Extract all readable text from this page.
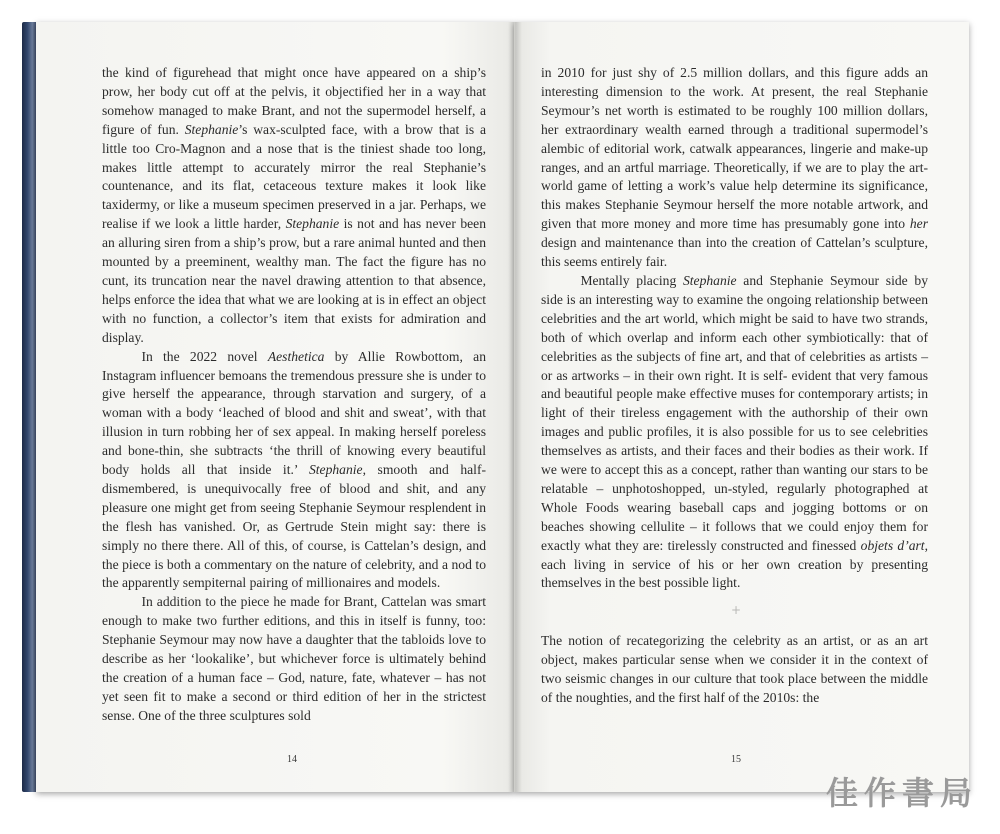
the kind of figurehead that might once have appeared on a ship’s prow, her body cut off at the pelvis, it objectified her in a way that somehow managed to make Brant, and not the supermodel herself, a figure of fun. Stephanie’s wax-sculpted face, with a brow that is a little too Cro-Magnon and a nose that is the tiniest shade too long, makes little attempt to accurately mirror the real Stephanie’s countenance, and its flat, cetaceous texture makes it look like taxidermy, or like a museum specimen preserved in a jar. Perhaps, we realise if we look a little harder, Stephanie is not and has never been an alluring siren from a ship’s prow, but a rare animal hunted and then mounted by a preeminent, wealthy man. The fact the figure has no cunt, its truncation near the navel drawing attention to that absence, helps enforce the idea that what we are looking at is in effect an object with no function, a collector’s item that exists for admiration and display.

In the 2022 novel Aesthetica by Allie Rowbottom, an Instagram influencer bemoans the tremendous pressure she is under to give herself the appearance, through starvation and surgery, of a woman with a body ‘leached of blood and shit and sweat’, with that illusion in turn robbing her of sex appeal. In making herself poreless and bone-thin, she subtracts ‘the thrill of knowing every beautiful body holds all that inside it.’ Stephanie, smooth and half-dismembered, is unequivocally free of blood and shit, and any pleasure one might get from seeing Stephanie Seymour resplendent in the flesh has vanished. Or, as Gertrude Stein might say: there is simply no there there. All of this, of course, is Cattelan’s design, and the piece is both a commentary on the nature of celebrity, and a nod to the apparently sempiternal pairing of millionaires and models.

In addition to the piece he made for Brant, Cattelan was smart enough to make two further editions, and this in itself is funny, too: Stephanie Seymour may now have a daughter that the tabloids love to describe as her ‘lookalike’, but whichever force is ultimately behind the creation of a human face – God, nature, fate, whatever – has not yet seen fit to make a second or third edition of her in the strictest sense. One of the three sculptures sold

in 2010 for just shy of 2.5 million dollars, and this figure adds an interesting dimension to the work. At present, the real Stephanie Seymour’s net worth is estimated to be roughly 100 million dollars, her extraordinary wealth earned through a traditional supermodel’s alembic of editorial work, catwalk appearances, lingerie and make-up ranges, and an artful marriage. Theoretically, if we are to play the art-world game of letting a work’s value help determine its significance, this makes Stephanie Seymour herself the more notable artwork, and given that more money and more time has presumably gone into her design and maintenance than into the creation of Cattelan’s sculpture, this seems entirely fair.

Mentally placing Stephanie and Stephanie Seymour side by side is an interesting way to examine the ongoing relationship between celebrities and the art world, which might be said to have two strands, both of which overlap and inform each other symbiotically: that of celebrities as the subjects of fine art, and that of celebrities as artists – or as artworks – in their own right. It is self- evident that very famous and beautiful people make effective muses for contemporary artists; in light of their tireless engagement with the authorship of their own images and public profiles, it is also possible for us to see celebrities themselves as artists, and their faces and their bodies as their work. If we were to accept this as a concept, rather than wanting our stars to be relatable – unphotoshopped, un-styled, regularly photographed at Whole Foods wearing baseball caps and jogging bottoms or on beaches showing cellulite – it follows that we could enjoy them for exactly what they are: tirelessly constructed and finessed objets d’art, each living in service of his or her own creation by presenting themselves in the best possible light.

+

The notion of recategorizing the celebrity as an artist, or as an art object, makes particular sense when we consider it in the context of two seismic changes in our culture that took place between the middle of the noughties, and the first half of the 2010s: the

14	15
佳作書局
